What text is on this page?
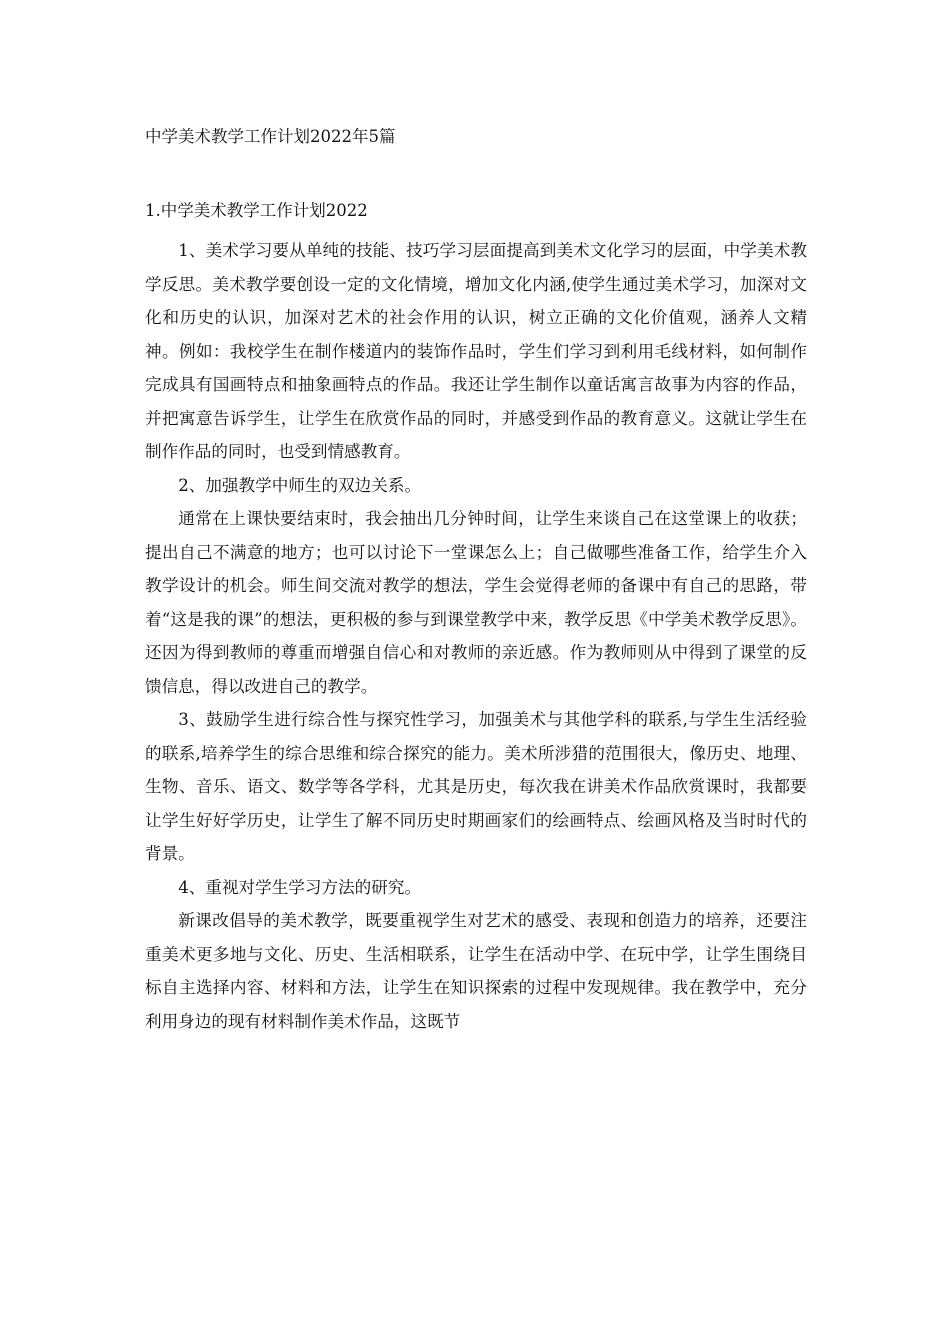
中学美术教学工作计划2022年5篇
1.中学美术教学工作计划2022

1、美术学习要从单纯的技能、技巧学习层面提高到美术文化学习的层面，中学美术教学反思。美术教学要创设一定的文化情境，增加文化内涵,使学生通过美术学习，加深对文化和历史的认识，加深对艺术的社会作用的认识，树立正确的文化价值观，涵养人文精神。例如：我校学生在制作楼道内的装饰作品时，学生们学习到利用毛线材料，如何制作完成具有国画特点和抽象画特点的作品。我还让学生制作以童话寓言故事为内容的作品，并把寓意告诉学生，让学生在欣赏作品的同时，并感受到作品的教育意义。这就让学生在制作作品的同时，也受到情感教育。

2、加强教学中师生的双边关系。

通常在上课快要结束时，我会抽出几分钟时间，让学生来谈自己在这堂课上的收获；提出自己不满意的地方；也可以讨论下一堂课怎么上；自己做哪些准备工作，给学生介入教学设计的机会。师生间交流对教学的想法，学生会觉得老师的备课中有自己的思路，带着“这是我的课”的想法，更积极的参与到课堂教学中来，教学反思《中学美术教学反思》。还因为得到教师的尊重而增强自信心和对教师的亲近感。作为教师则从中得到了课堂的反馈信息，得以改进自己的教学。

3、鼓励学生进行综合性与探究性学习，加强美术与其他学科的联系,与学生生活经验的联系,培养学生的综合思维和综合探究的能力。美术所涉猎的范围很大，像历史、地理、生物、音乐、语文、数学等各学科，尤其是历史，每次我在讲美术作品欣赏课时，我都要让学生好好学历史，让学生了解不同历史时期画家们的绘画特点、绘画风格及当时时代的背景。

4、重视对学生学习方法的研究。

新课改倡导的美术教学，既要重视学生对艺术的感受、表现和创造力的培养，还要注重美术更多地与文化、历史、生活相联系，让学生在活动中学、在玩中学，让学生围绕目标自主选择内容、材料和方法，让学生在知识探索的过程中发现规律。我在教学中，充分利用身边的现有材料制作美术作品，这既节
